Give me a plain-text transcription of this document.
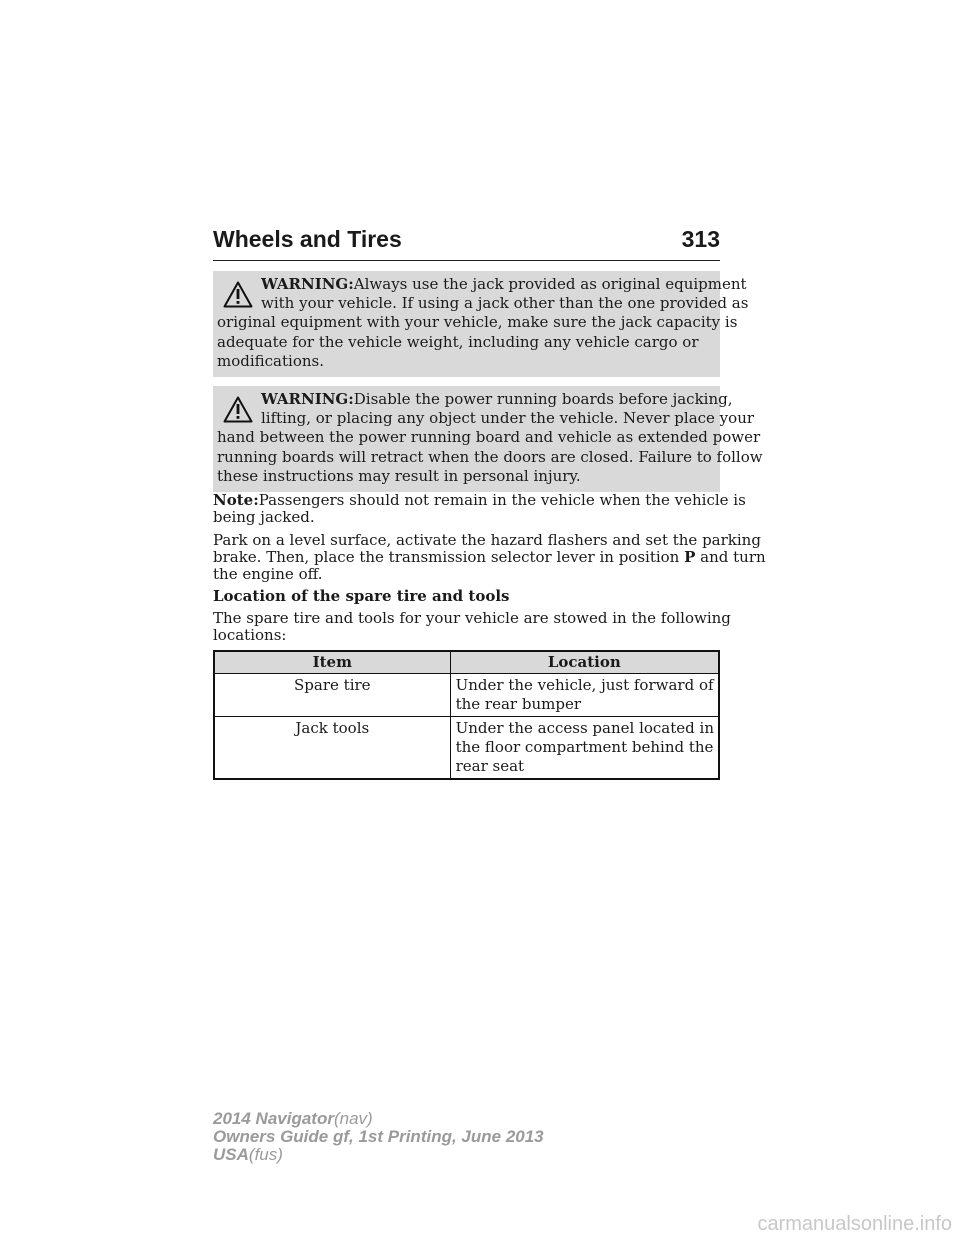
Wheels and Tires	313
WARNING:Always use the jack provided as original equipment
with your vehicle. If using a jack other than the one provided as
original equipment with your vehicle, make sure the jack capacity is
adequate for the vehicle weight, including any vehicle cargo or
modifications.
WARNING:Disable the power running boards before jacking,
lifting, or placing any object under the vehicle. Never place your
hand between the power running board and vehicle as extended power
running boards will retract when the doors are closed. Failure to follow
these instructions may result in personal injury.
Note:Passengers should not remain in the vehicle when the vehicle is
being jacked.
Park on a level surface, activate the hazard flashers and set the parking
brake. Then, place the transmission selector lever in position P and turn
the engine off.
Location of the spare tire and tools
The spare tire and tools for your vehicle are stowed in the following
locations:
Item	Location
Spare tire	Under the vehicle, just forward of
the rear bumper

Jack tools	Under the access panel located in
the floor compartment behind the
rear seat
2014 Navigator(nav)
Owners Guide gf, 1st Printing, June 2013
USA(fus)
carmanualsonline.info
